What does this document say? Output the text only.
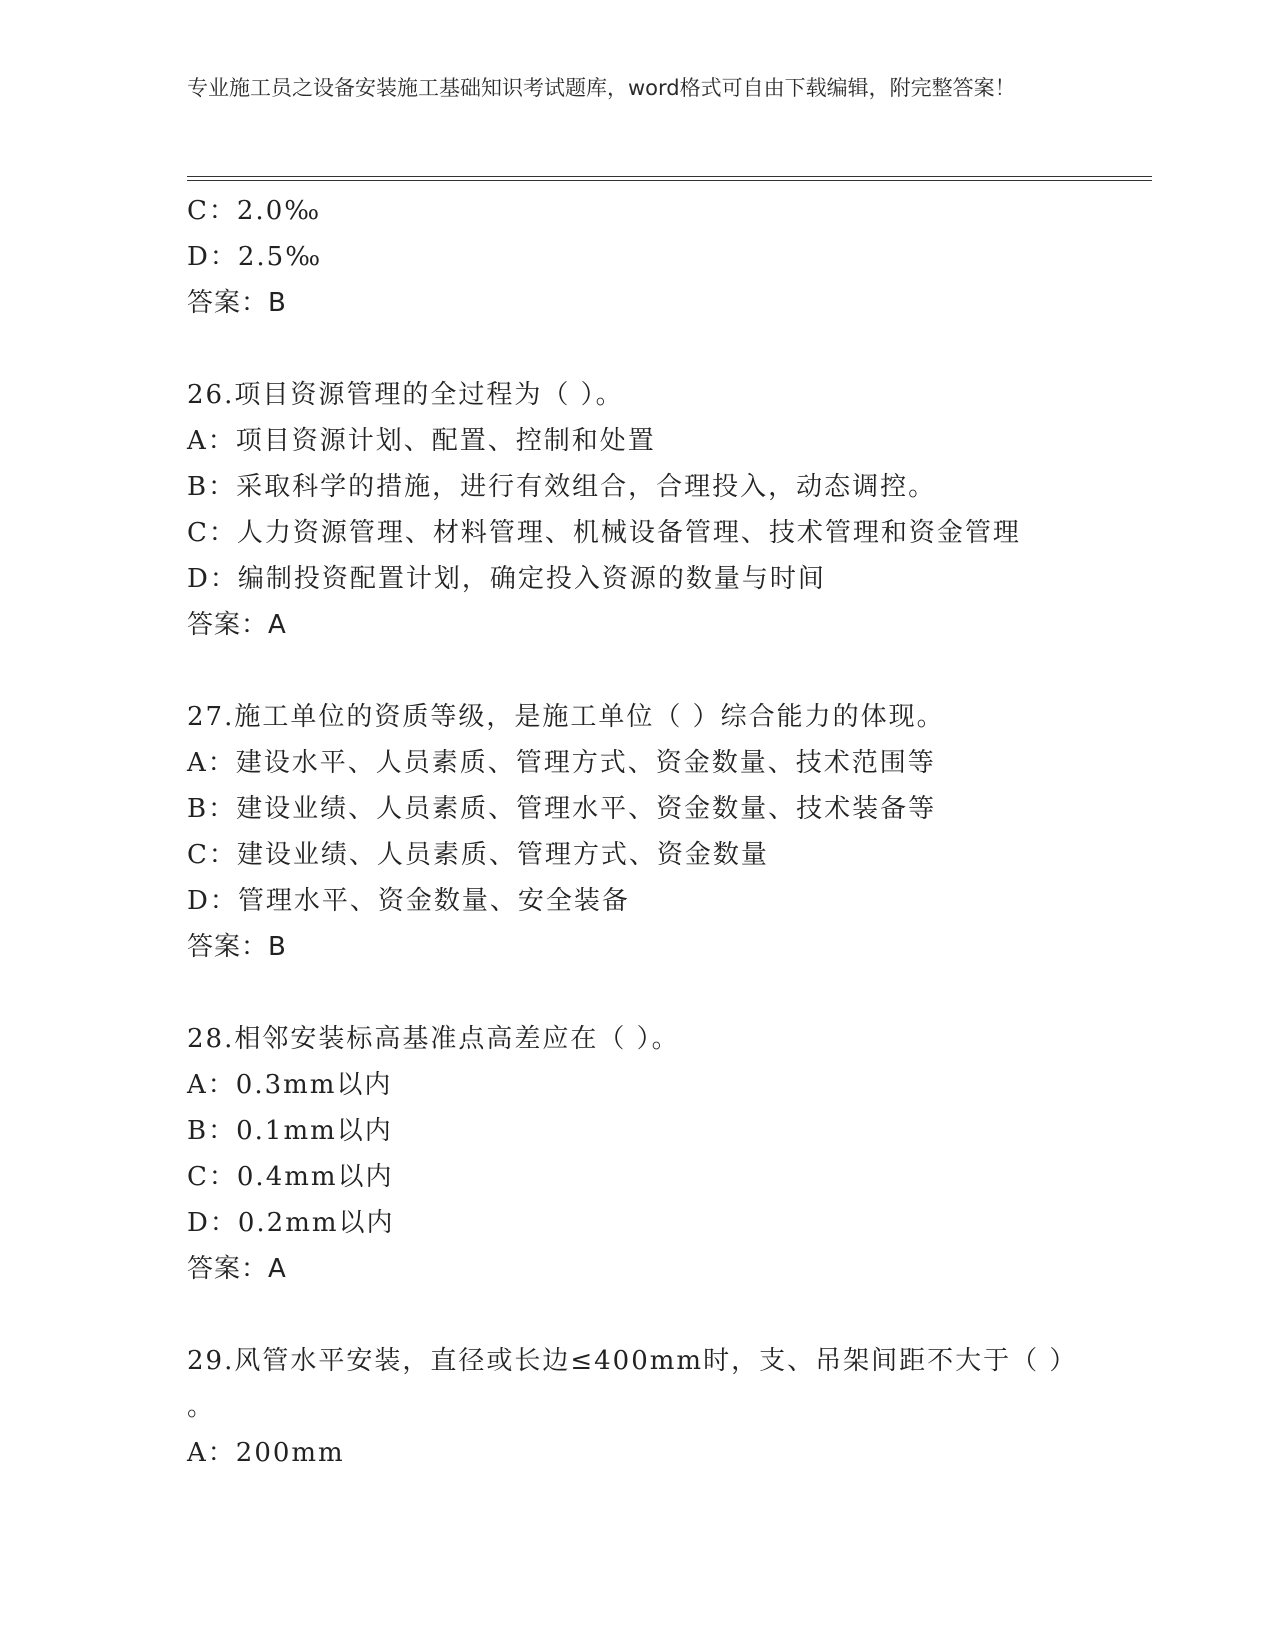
专业施工员之设备安装施工基础知识考试题库，word格式可自由下载编辑，附完整答案！
C：2.0‰
D：2.5‰
答案：B
26.项目资源管理的全过程为（ ）。
A：项目资源计划、配置、控制和处置
B：采取科学的措施，进行有效组合，合理投入，动态调控。
C：人力资源管理、材料管理、机械设备管理、技术管理和资金管理
D：编制投资配置计划，确定投入资源的数量与时间
答案：A
27.施工单位的资质等级，是施工单位（ ）综合能力的体现。
A：建设水平、人员素质、管理方式、资金数量、技术范围等
B：建设业绩、人员素质、管理水平、资金数量、技术装备等
C：建设业绩、人员素质、管理方式、资金数量
D：管理水平、资金数量、安全装备
答案：B
28.相邻安装标高基准点高差应在（ ）。
A：0.3mm以内
B：0.1mm以内
C：0.4mm以内
D：0.2mm以内
答案：A
29.风管水平安装，直径或长边≤400mm时，支、吊架间距不大于（ ）
。
A：200mm
